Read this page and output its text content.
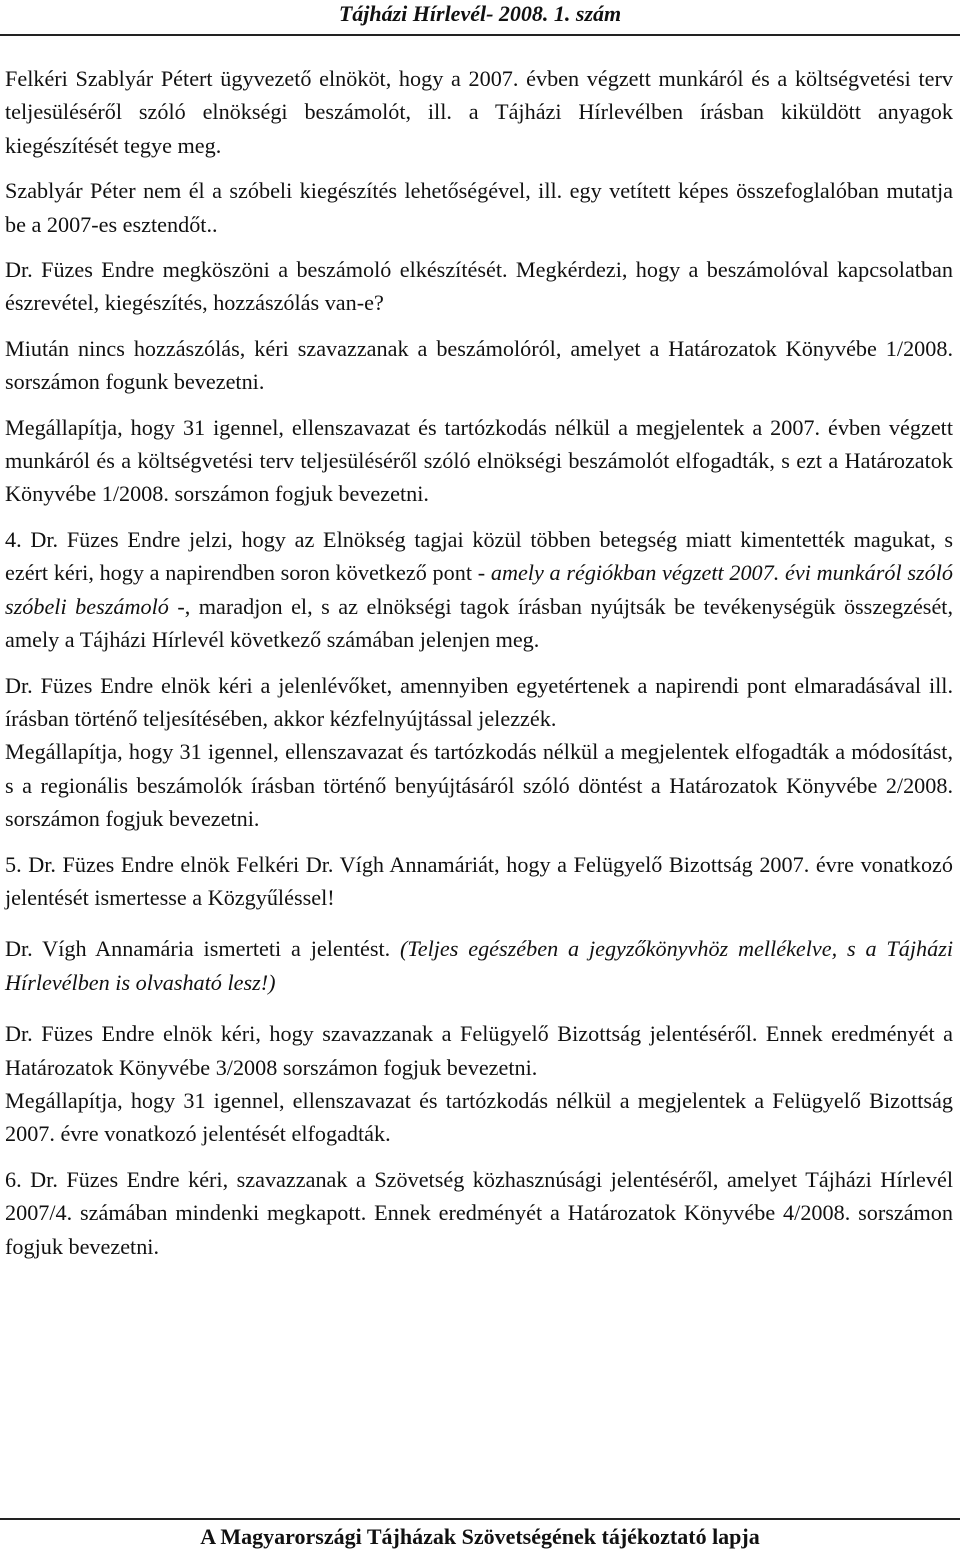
Tájházi Hírlevél- 2008. 1. szám

Felkéri Szablyár Pétert ügyvezető elnököt, hogy a 2007. évben végzett munkáról és a költségvetési terv teljesüléséről szóló elnökségi beszámolót, ill. a Tájházi Hírlevélben írásban kiküldött anyagok kiegészítését tegye meg.

Szablyár Péter nem él a szóbeli kiegészítés lehetőségével, ill. egy vetített képes összefoglalóban mutatja be a 2007-es esztendőt..

Dr. Füzes Endre megköszöni a beszámoló elkészítését. Megkérdezi, hogy a beszámolóval kapcsolatban észrevétel, kiegészítés, hozzászólás van-e?

Miután nincs hozzászólás, kéri szavazzanak a beszámolóról, amelyet a Határozatok Könyvébe 1/2008. sorszámon fogunk bevezetni.

Megállapítja, hogy 31 igennel, ellenszavazat és tartózkodás nélkül a megjelentek a 2007. évben végzett munkáról és a költségvetési terv teljesüléséről szóló elnökségi beszámolót elfogadták, s ezt a Határozatok Könyvébe 1/2008. sorszámon fogjuk bevezetni.

4. Dr. Füzes Endre jelzi, hogy az Elnökség tagjai közül többen betegség miatt kimentették magukat, s ezért kéri, hogy a napirendben soron következő pont - amely a régiókban végzett 2007. évi munkáról szóló szóbeli beszámoló -, maradjon el, s az elnökségi tagok írásban nyújtsák be tevékenységük összegzését, amely a Tájházi Hírlevél következő számában jelenjen meg.

Dr. Füzes Endre elnök kéri a jelenlévőket, amennyiben egyetértenek a napirendi pont elmaradásával ill. írásban történő teljesítésében, akkor kézfelnyújtással jelezzék.

Megállapítja, hogy 31 igennel, ellenszavazat és tartózkodás nélkül a megjelentek elfogadták a módosítást, s a regionális beszámolók írásban történő benyújtásáról szóló döntést a Határozatok Könyvébe 2/2008. sorszámon fogjuk bevezetni.

5. Dr. Füzes Endre elnök Felkéri Dr. Vígh Annamáriát, hogy a Felügyelő Bizottság 2007. évre vonatkozó jelentését ismertesse a Közgyűléssel!

Dr. Vígh Annamária ismerteti a jelentést. (Teljes egészében a jegyzőkönyvhöz mellékelve, s a Tájházi Hírlevélben is olvasható lesz!)

Dr. Füzes Endre elnök kéri, hogy szavazzanak a Felügyelő Bizottság jelentéséről. Ennek eredményét a Határozatok Könyvébe 3/2008 sorszámon fogjuk bevezetni.

Megállapítja, hogy 31 igennel, ellenszavazat és tartózkodás nélkül a megjelentek a Felügyelő Bizottság 2007. évre vonatkozó jelentését elfogadták.

6. Dr. Füzes Endre kéri, szavazzanak a Szövetség közhasznúsági jelentéséről, amelyet Tájházi Hírlevél 2007/4. számában mindenki megkapott. Ennek eredményét a Határozatok Könyvébe 4/2008. sorszámon fogjuk bevezetni.

A Magyarországi Tájházak Szövetségének tájékoztató lapja
